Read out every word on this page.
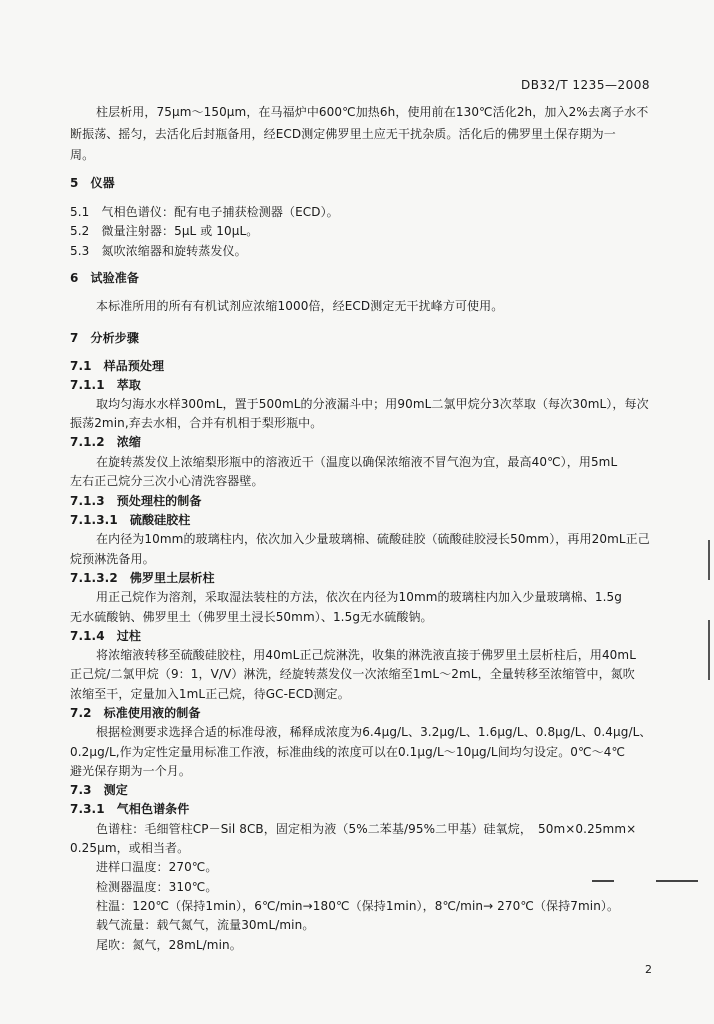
DB32/T 1235—2008
柱层析用，75μm～150μm，在马福炉中600℃加热6h，使用前在130℃活化2h，加入2%去离子水不
断振荡、摇匀，去活化后封瓶备用，经ECD测定佛罗里土应无干扰杂质。活化后的佛罗里土保存期为一
周。
5　仪器
5.1　气相色谱仪：配有电子捕获检测器（ECD）。
5.2　微量注射器：5μL 或 10μL。
5.3　氮吹浓缩器和旋转蒸发仪。
6　试验准备
本标准所用的所有有机试剂应浓缩1000倍，经ECD测定无干扰峰方可使用。
7　分析步骤
7.1　样品预处理
7.1.1　萃取
取均匀海水水样300mL，置于500mL的分液漏斗中；用90mL二氯甲烷分3次萃取（每次30mL），每次
振荡2min,弃去水相，合并有机相于梨形瓶中。
7.1.2　浓缩
在旋转蒸发仪上浓缩梨形瓶中的溶液近干（温度以确保浓缩液不冒气泡为宜，最高40℃），用5mL
左右正己烷分三次小心清洗容器壁。
7.1.3　预处理柱的制备
7.1.3.1　硫酸硅胶柱
在内径为10mm的玻璃柱内，依次加入少量玻璃棉、硫酸硅胶（硫酸硅胶浸长50mm），再用20mL正己
烷预淋洗备用。
7.1.3.2　佛罗里土层析柱
用正己烷作为溶剂，采取湿法装柱的方法，依次在内径为10mm的玻璃柱内加入少量玻璃棉、1.5g
无水硫酸钠、佛罗里土（佛罗里土浸长50mm）、1.5g无水硫酸钠。
7.1.4　过柱
将浓缩液转移至硫酸硅胶柱，用40mL正己烷淋洗，收集的淋洗液直接于佛罗里土层析柱后，用40mL
正己烷/二氯甲烷（9：1，V/V）淋洗，经旋转蒸发仪一次浓缩至1mL～2mL，全量转移至浓缩管中，氮吹
浓缩至干，定量加入1mL正己烷，待GC-ECD测定。
7.2　标准使用液的制备
根据检测要求选择合适的标准母液，稀释成浓度为6.4μg/L、3.2μg/L、1.6μg/L、0.8μg/L、0.4μg/L、
0.2μg/L,作为定性定量用标准工作液，标准曲线的浓度可以在0.1μg/L～10μg/L间均匀设定。0℃～4℃
避光保存期为一个月。
7.3　测定
7.3.1　气相色谱条件
色谱柱：毛细管柱CP－Sil 8CB，固定相为液（5%二苯基/95%二甲基）硅氧烷，　50m×0.25mm×
0.25μm，或相当者。
进样口温度：270℃。
检测器温度：310℃。
柱温：120℃（保持1min），6℃/min→180℃（保持1min），8℃/min→ 270℃（保持7min）。
载气流量：载气氮气，流量30mL/min。
尾吹：氮气，28mL/min。
2
